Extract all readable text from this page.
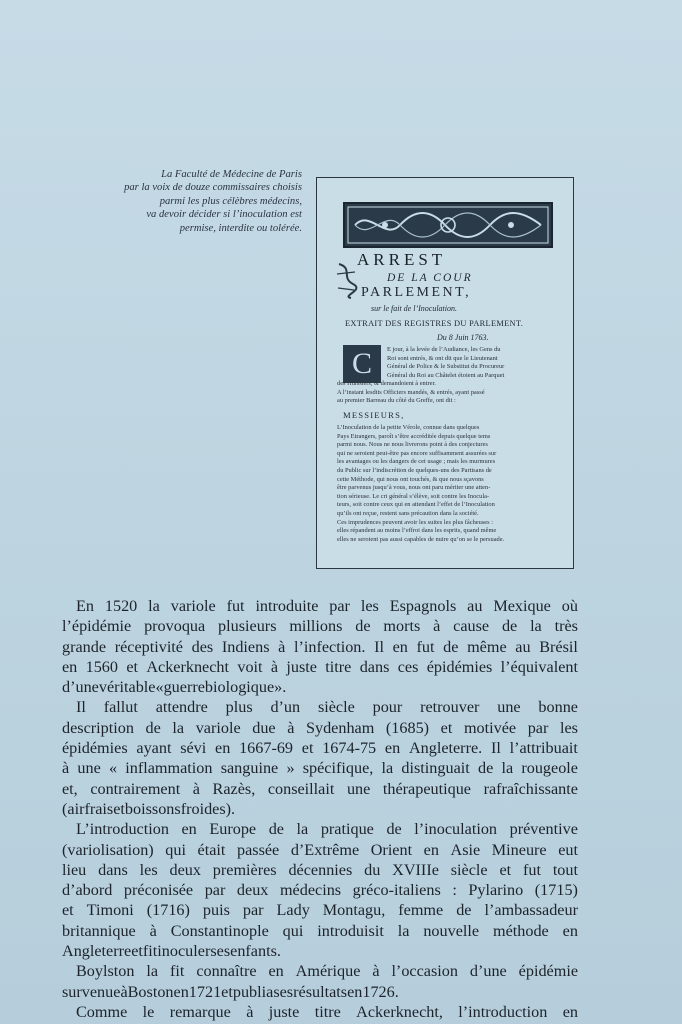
La Faculté de Médecine de Paris
par la voix de douze commissaires choisis
parmi les plus célèbres médecins,
va devoir décider si l’inoculation est
permise, interdite ou tolérée.
ARREST
DE LA COUR
PARLEMENT,
sur le fait de l’Inoculation.
EXTRAIT DES REGISTRES DU PARLEMENT.
Du 8 Juin 1763.
C	E jour, à la levée de l’Audiance, les Gens du
Roi sont entrés, & ont dit que le Lieutenant
Général de Police & le Substitut du Procureur
Général du Roi au Châtelet étoient au Parquet
des Huissiers, & demandoient à entrer.
A l’instant lesdits Officiers mandés, & entrés, ayant passé
au premier Barreau du côté du Greffe, ont dit :
MESSIEURS,
L’Inoculation de la petite Vérole, connue dans quelques
Pays Etrangers, paroît s’être accréditée depuis quelque tems
parmi nous. Nous ne nous livrerons point à des conjectures
qui ne seroient peut-être pas encore suffisamment assurées sur
les avantages ou les dangers de cet usage ; mais les murmures
du Public sur l’indiscrétion de quelques-uns des Partisans de
cette Méthode, qui nous ont touchés, & que nous sçavons
être parvenus jusqu’à vous, nous ont paru mériter une atten-
tion sérieuse. Le cri général s’élève, soit contre les Inocula-
teurs, soit contre ceux qui en attendant l’effet de l’Inoculation
qu’ils ont reçue, restent sans précaution dans la société.
Ces imprudences peuvent avoir les suites les plus fâcheuses :
elles répandent au moins l’effroi dans les esprits, quand même
elles ne seroient pas aussi capables de nuire qu’on se le persuade.
En 1520 la variole fut introduite par les Espagnols au Mexique où
l’épidémie provoqua plusieurs millions de morts à cause de la très
grande réceptivité des Indiens à l’infection. Il en fut de même au Brésil
en 1560 et Ackerknecht voit à juste titre dans ces épidémies l’équivalent
d’une véritable « guerre biologique ».
Il fallut attendre plus d’un siècle pour retrouver une bonne
description de la variole due à Sydenham (1685) et motivée par les
épidémies ayant sévi en 1667-69 et 1674-75 en Angleterre. Il l’attribuait
à une « inflammation sanguine » spécifique, la distinguait de la rougeole
et, contrairement à Razès, conseillait une thérapeutique rafraîchissante
(air frais et boissons froides).
L’introduction en Europe de la pratique de l’inoculation préventive
(variolisation) qui était passée d’Extrême Orient en Asie Mineure eut
lieu dans les deux premières décennies du XVIIIe siècle et fut tout
d’abord préconisée par deux médecins gréco-italiens : Pylarino (1715)
et Timoni (1716) puis par Lady Montagu, femme de l’ambassadeur
britannique à Constantinople qui introduisit la nouvelle méthode en
Angleterre et fit inoculer ses enfants.
Boylston la fit connaître en Amérique à l’occasion d’une épidémie
survenue à Boston en 1721 et publia ses résultats en 1726.
Comme le remarque à juste titre Ackerknecht, l’introduction en
